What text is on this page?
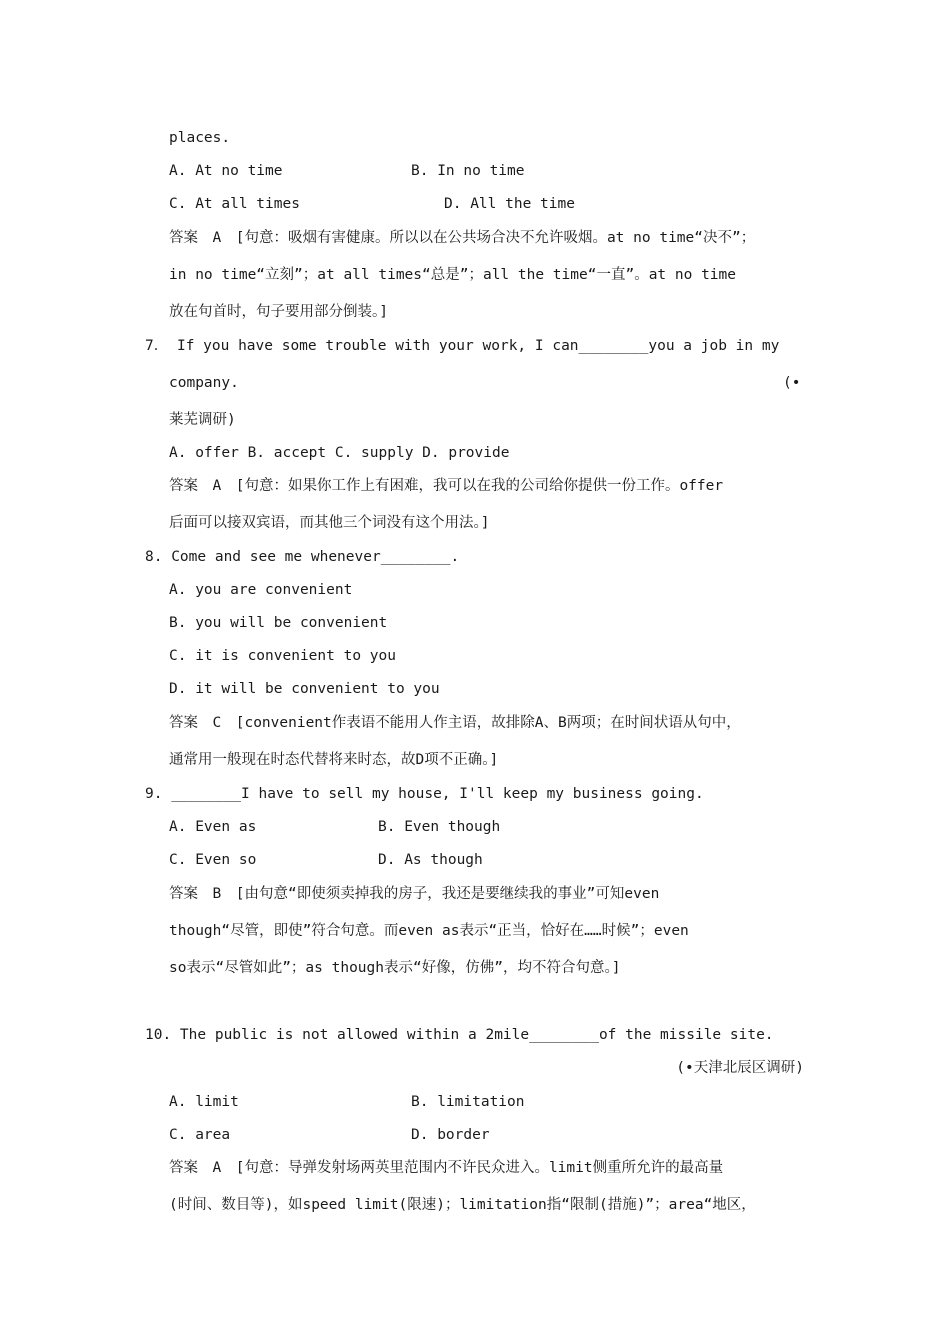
places.
A. At no time	B. In no time
C. At all times	D. All the time
答案　A　[句意：吸烟有害健康。所以以在公共场合决不允许吸烟。at no time“决不”；
in no time“立刻”；at all times“总是”；all the time“一直”。at no time
放在句首时，句子要用部分倒装。]
7． If you have some trouble with your work, I can________you a job in my
company.	(•
莱芜调研)
A. offer B. accept C. supply D. provide
答案　A　[句意：如果你工作上有困难，我可以在我的公司给你提供一份工作。offer
后面可以接双宾语，而其他三个词没有这个用法。]
8. Come and see me whenever________.
A. you are convenient
B. you will be convenient
C. it is convenient to you
D. it will be convenient to you
答案　C　[convenient作表语不能用人作主语，故排除A、B两项；在时间状语从句中，
通常用一般现在时态代替将来时态，故D项不正确。]
9. ________I have to sell my house, I'll keep my business going.
A. Even as	B. Even though
C. Even so	D. As though
答案　B　[由句意“即使须卖掉我的房子，我还是要继续我的事业”可知even
though“尽管，即使”符合句意。而even as表示“正当，恰好在……时候”；even
so表示“尽管如此”；as though表示“好像，仿佛”，均不符合句意。]
10. The public is not allowed within a 2mile________of the missile site.
(•天津北辰区调研)
A. limit	B. limitation
C. area	D. border
答案　A　[句意：导弹发射场两英里范围内不许民众进入。limit侧重所允许的最高量
(时间、数目等)，如speed limit(限速)；limitation指“限制(措施)”；area“地区，
